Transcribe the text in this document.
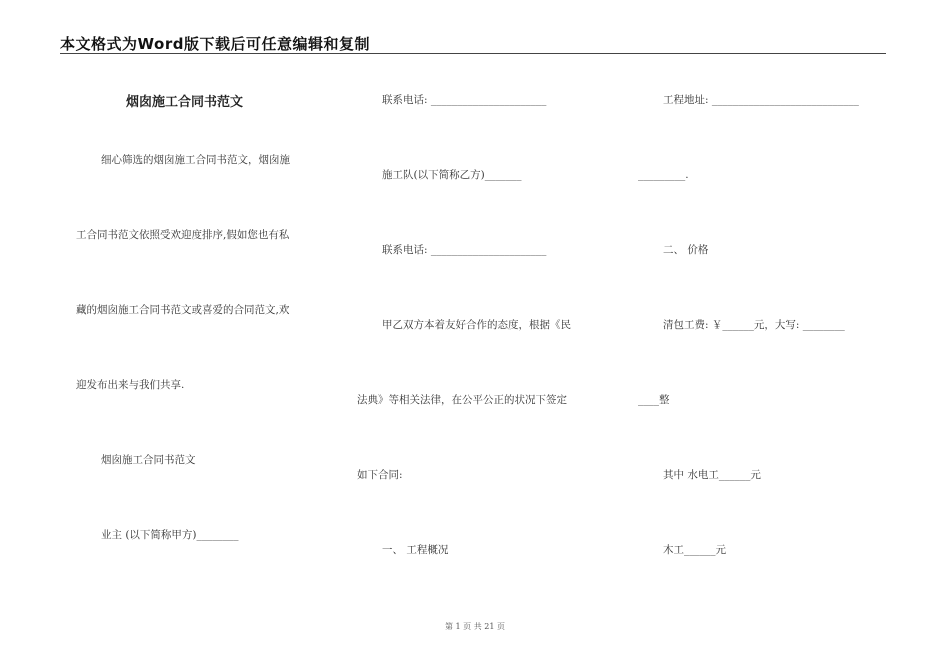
本文格式为Word版下载后可任意编辑和复制
烟囱施工合同书范文
细心筛选的烟囱施工合同书范文，烟囱施
工合同书范文依照受欢迎度排序,假如您也有私
藏的烟囱施工合同书范文或喜爱的合同范文,欢
迎发布出来与我们共享.
烟囱施工合同书范文
业主 (以下简称甲方)________
联系电话: ______________________
施工队(以下简称乙方)_______
联系电话: ______________________
甲乙双方本着友好合作的态度，根据《民
法典》等相关法律，在公平公正的状况下签定
如下合同:
一、 工程概况
工程地址: ____________________________
_________.
二、 价格
清包工费: ￥______元，大写: ________
____整
其中 水电工______元
木工______元
第 1 页 共 21 页
